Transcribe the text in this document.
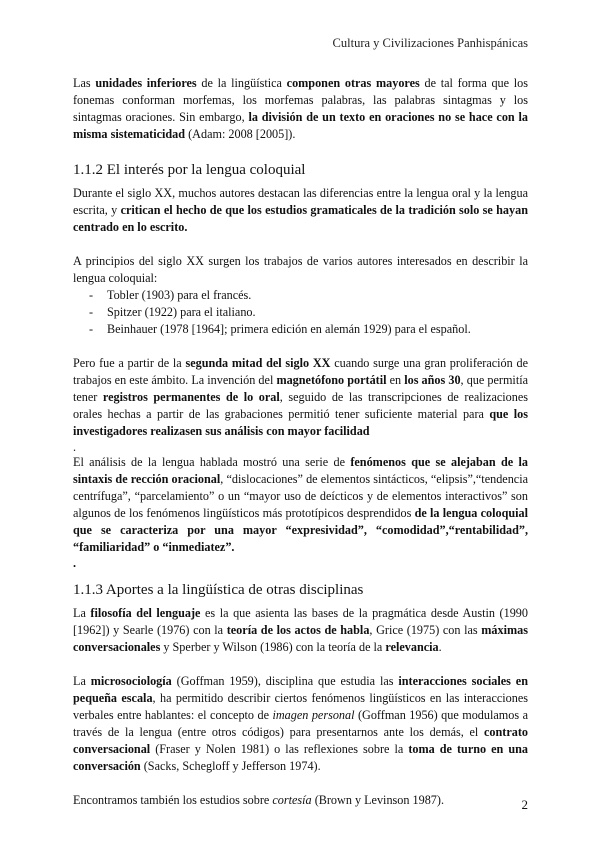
Cultura y Civilizaciones Panhispánicas

Las unidades inferiores de la lingüística componen otras mayores de tal forma que los fonemas conforman morfemas, los morfemas palabras, las palabras sintagmas y los sintagmas oraciones. Sin embargo, la división de un texto en oraciones no se hace con la misma sistematicidad (Adam: 2008 [2005]).

1.1.2 El interés por la lengua coloquial

Durante el siglo XX, muchos autores destacan las diferencias entre la lengua oral y la lengua escrita, y critican el hecho de que los estudios gramaticales de la tradición solo se hayan centrado en lo escrito.

A principios del siglo XX surgen los trabajos de varios autores interesados en describir la lengua coloquial:

- Tobler (1903) para el francés.
- Spitzer (1922) para el italiano.
- Beinhauer (1978 [1964]; primera edición en alemán 1929) para el español.

Pero fue a partir de la segunda mitad del siglo XX cuando surge una gran proliferación de trabajos en este ámbito. La invención del magnetófono portátil en los años 30, que permitía tener registros permanentes de lo oral, seguido de las transcripciones de realizaciones orales hechas a partir de las grabaciones permitió tener suficiente material para que los investigadores realizasen sus análisis con mayor facilidad

.

El análisis de la lengua hablada mostró una serie de fenómenos que se alejaban de la sintaxis de rección oracional, “dislocaciones” de elementos sintácticos, “elipsis”,“tendencia centrífuga”, “parcelamiento” o un “mayor uso de deícticos y de elementos interactivos” son algunos de los fenómenos lingüísticos más prototípicos desprendidos de la lengua coloquial que se caracteriza por una mayor “expresividad”, “comodidad”,“rentabilidad”, “familiaridad” o “inmediatez”.

.

1.1.3 Aportes a la lingüística de otras disciplinas

La filosofía del lenguaje es la que asienta las bases de la pragmática desde Austin (1990 [1962]) y Searle (1976) con la teoría de los actos de habla, Grice (1975) con las máximas conversacionales y Sperber y Wilson (1986) con la teoría de la relevancia.

La microsociología (Goffman 1959), disciplina que estudia las interacciones sociales en pequeña escala, ha permitido describir ciertos fenómenos lingüísticos en las interacciones verbales entre hablantes: el concepto de imagen personal (Goffman 1956) que modulamos a través de la lengua (entre otros códigos) para presentarnos ante los demás, el contrato conversacional (Fraser y Nolen 1981) o las reflexiones sobre la toma de turno en una conversación (Sacks, Schegloff y Jefferson 1974).

Encontramos también los estudios sobre cortesía (Brown y Levinson 1987).	2
